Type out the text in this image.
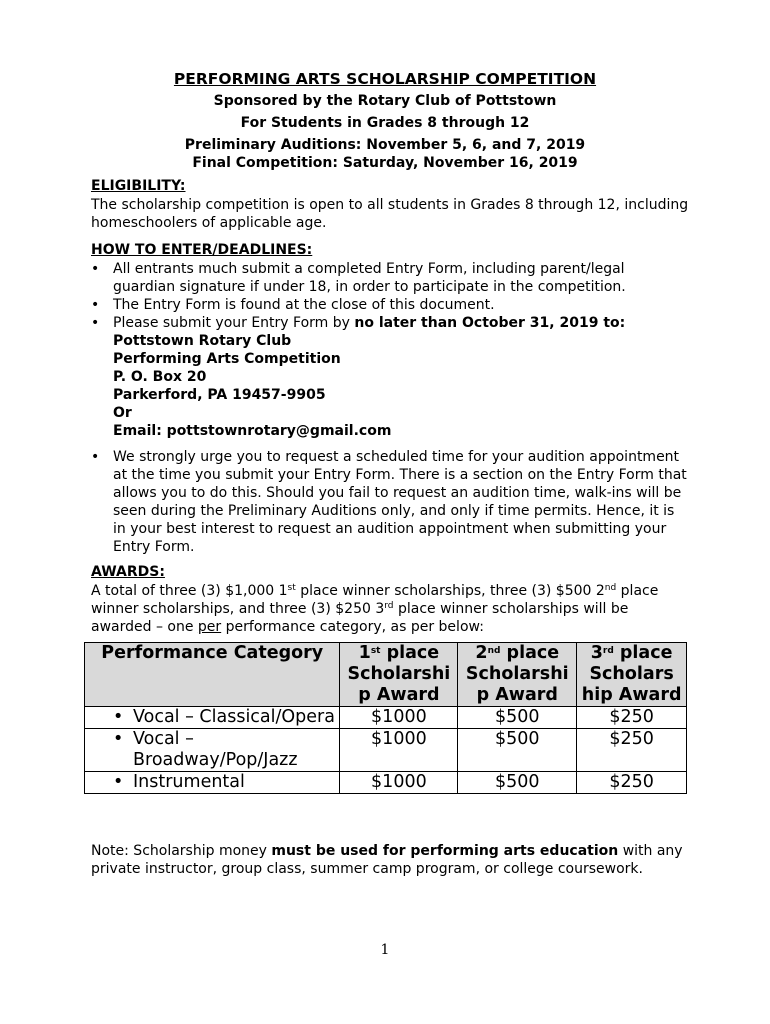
PERFORMING ARTS SCHOLARSHIP COMPETITION
Sponsored by the Rotary Club of Pottstown
For Students in Grades 8 through 12
Preliminary Auditions: November 5, 6, and 7, 2019
Final Competition: Saturday, November 16, 2019
ELIGIBILITY:
The scholarship competition is open to all students in Grades 8 through 12, including homeschoolers of applicable age.
HOW TO ENTER/DEADLINES:
• All entrants much submit a completed Entry Form, including parent/legal guardian signature if under 18, in order to participate in the competition.
• The Entry Form is found at the close of this document.
• Please submit your Entry Form by no later than October 31, 2019 to:
Pottstown Rotary Club
Performing Arts Competition
P. O. Box 20
Parkerford, PA 19457-9905
Or
Email: pottstownrotary@gmail.com
• We strongly urge you to request a scheduled time for your audition appointment at the time you submit your Entry Form. There is a section on the Entry Form that allows you to do this. Should you fail to request an audition time, walk-ins will be seen during the Preliminary Auditions only, and only if time permits. Hence, it is in your best interest to request an audition appointment when submitting your Entry Form.
AWARDS:
A total of three (3) $1,000 1st place winner scholarships, three (3) $500 2nd place winner scholarships, and three (3) $250 3rd place winner scholarships will be awarded – one per performance category, as per below:
Performance Category	1st place Scholarshi p Award	2nd place Scholarshi p Award	3rd place Scholars hip Award

• Vocal – Classical/Opera	$1000	$500	$250

• Vocal – Broadway/Pop/Jazz	$1000	$500	$250

• Instrumental	$1000	$500	$250
Note: Scholarship money must be used for performing arts education with any private instructor, group class, summer camp program, or college coursework.
1
